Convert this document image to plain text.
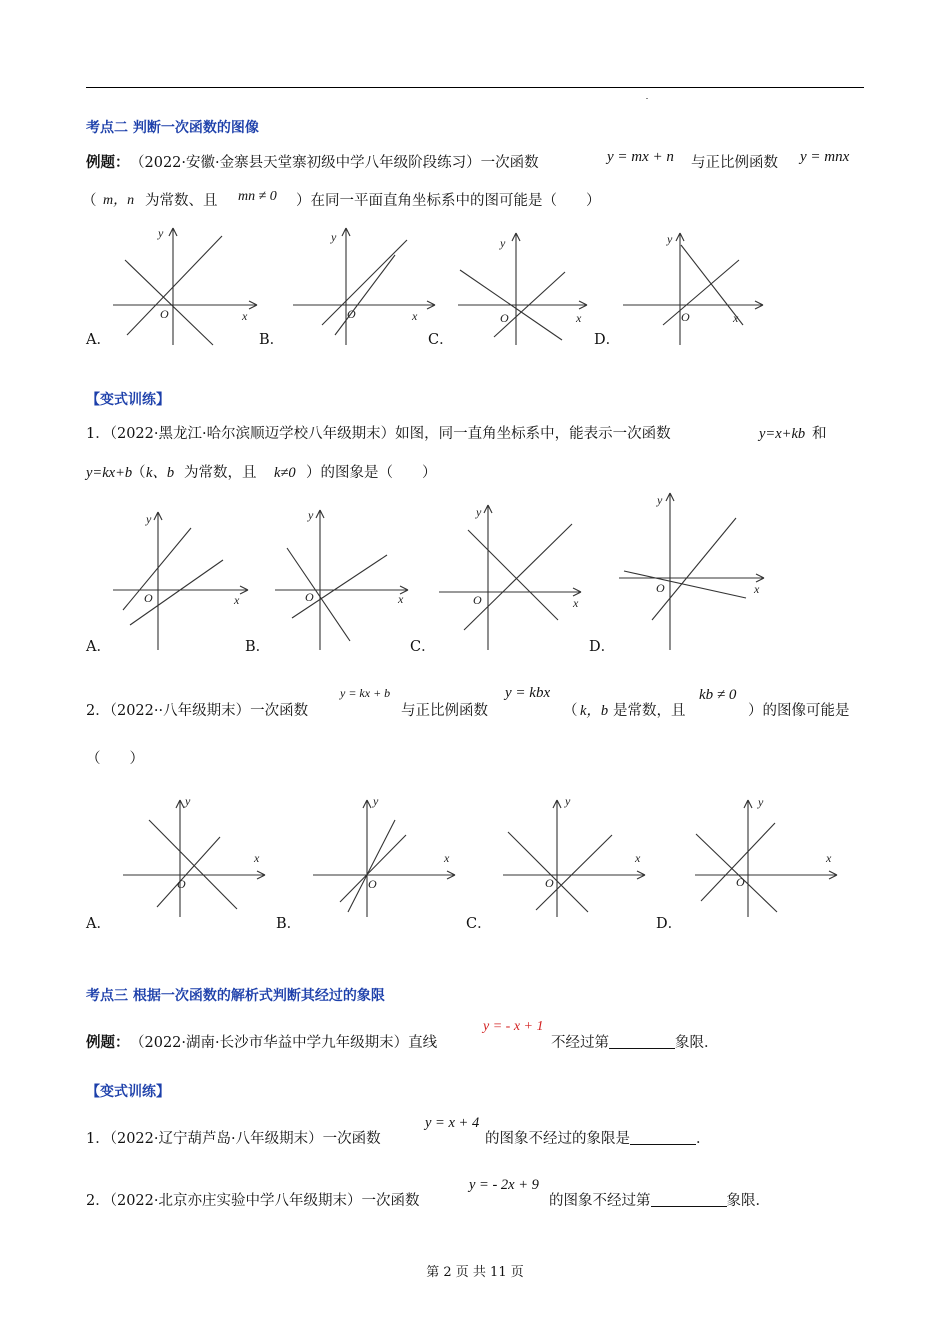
考点二 判断一次函数的图像
例题： （2022·安徽·金寨县天堂寨初级中学八年级阶段练习）一次函数	y = mx + n 与正比例函数 y = mnx
（ m，n 为常数、且 mn ≠ 0 ）在同一平面直角坐标系中的图可能是（　　）
y
x
O
A．
y
x
O
B．
y
x
O
C．
y
x
O
D．
【变式训练】
1．（2022·黑龙江·哈尔滨顺迈学校八年级期末）如图，同一直角坐标系中，能表示一次函数	y=x+kb 和
y=kx+b
（ k、b 为常数，且 k≠0 ）的图象是（　　）
y
x
O
A．
y
x
O
B．
y
x
O
C．
y
x
O
D．
2．（2022··八年级期末）一次函数
y = kx + b
与正比例函数
y = kbx
（ k，b 是常数，且
kb ≠ 0
）的图像可能是
（　　）
y
x
O
A．
y
x
O
B．
y
x
O
C．
y
x
O
D．
考点三 根据一次函数的解析式判断其经过的象限
例题： （2022·湖南·长沙市华益中学九年级期末）直线
y = - x + 1
不经过第	象限．
【变式训练】
1．（2022·辽宁葫芦岛·八年级期末）一次函数
y = x + 4
的图象不经过的象限是	．
2．（2022·北京亦庄实验中学八年级期末）一次函数
y = - 2x + 9
的图象不经过第	象限．
第 2 页 共 11 页
